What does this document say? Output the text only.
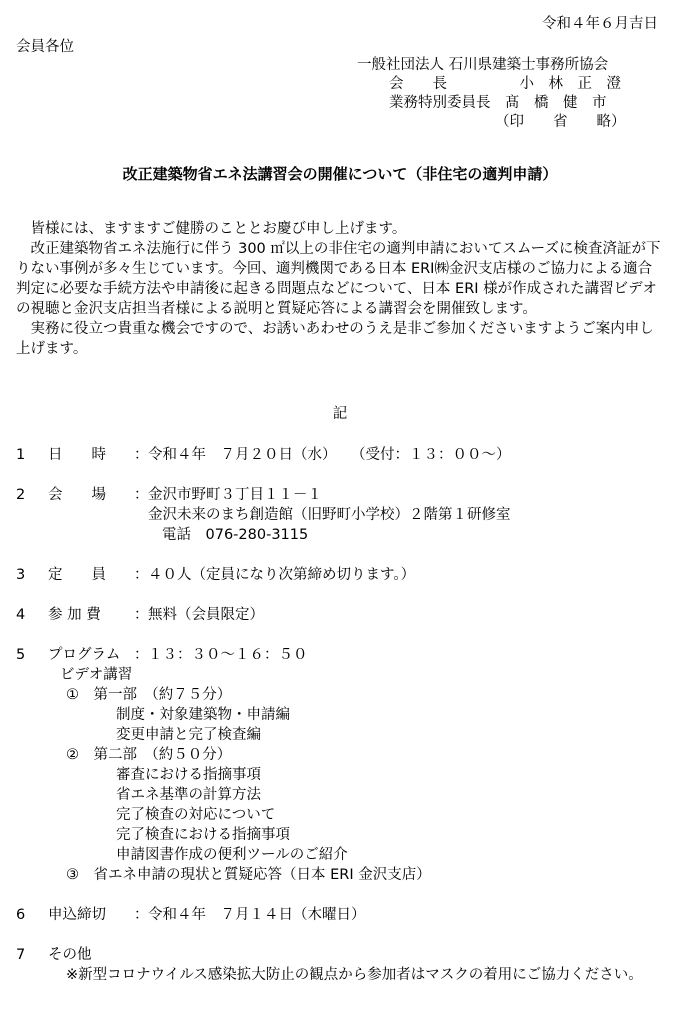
令和４年６月吉日
会員各位
一般社団法人 石川県建築士事務所協会
会　　長　　　　　小　林　正　澄
業務特別委員長　髙　橋　健　市
（印　　省　　略）
改正建築物省エネ法講習会の開催について（非住宅の適判申請）

皆様には、ますますご健勝のこととお慶び申し上げます。

改正建築物省エネ法施行に伴う 300 ㎡以上の非住宅の適判申請においてスムーズに検査済証が下りない事例が多々生じています。今回、適判機関である日本 ERI㈱金沢支店様のご協力による適合判定に必要な手続方法や申請後に起きる問題点などについて、日本 ERI 様が作成された講習ビデオの視聴と金沢支店担当者様による説明と質疑応答による講習会を開催致します。

実務に役立つ貴重な機会ですので、お誘いあわせのうえ是非ご参加くださいますようご案内申し上げます。

記
1	日　　時	： 令和４年　７月２０日（水）　　（受付：１３：００〜）
2	会　　場	： 金沢市野町３丁目１１－１
金沢未来のまち創造館（旧野町小学校）２階第１研修室
電話　076-280-3115
3	定　　員	： ４０人（定員になり次第締め切ります。）
4	参 加 費	： 無料（会員限定）
5	プログラム ： １３：３０〜１６：５０
ビデオ講習
①　第一部　（約７５分）
制度・対象建築物・申請編
変更申請と完了検査編
②　第二部　（約５０分）
審査における指摘事項
省エネ基準の計算方法
完了検査の対応について
完了検査における指摘事項
申請図書作成の便利ツールのご紹介
③　省エネ申請の現状と質疑応答（日本 ERI 金沢支店）
6	申込締切	： 令和４年　７月１４日（木曜日）
7	その他
※新型コロナウイルス感染拡大防止の観点から参加者はマスクの着用にご協力ください。
